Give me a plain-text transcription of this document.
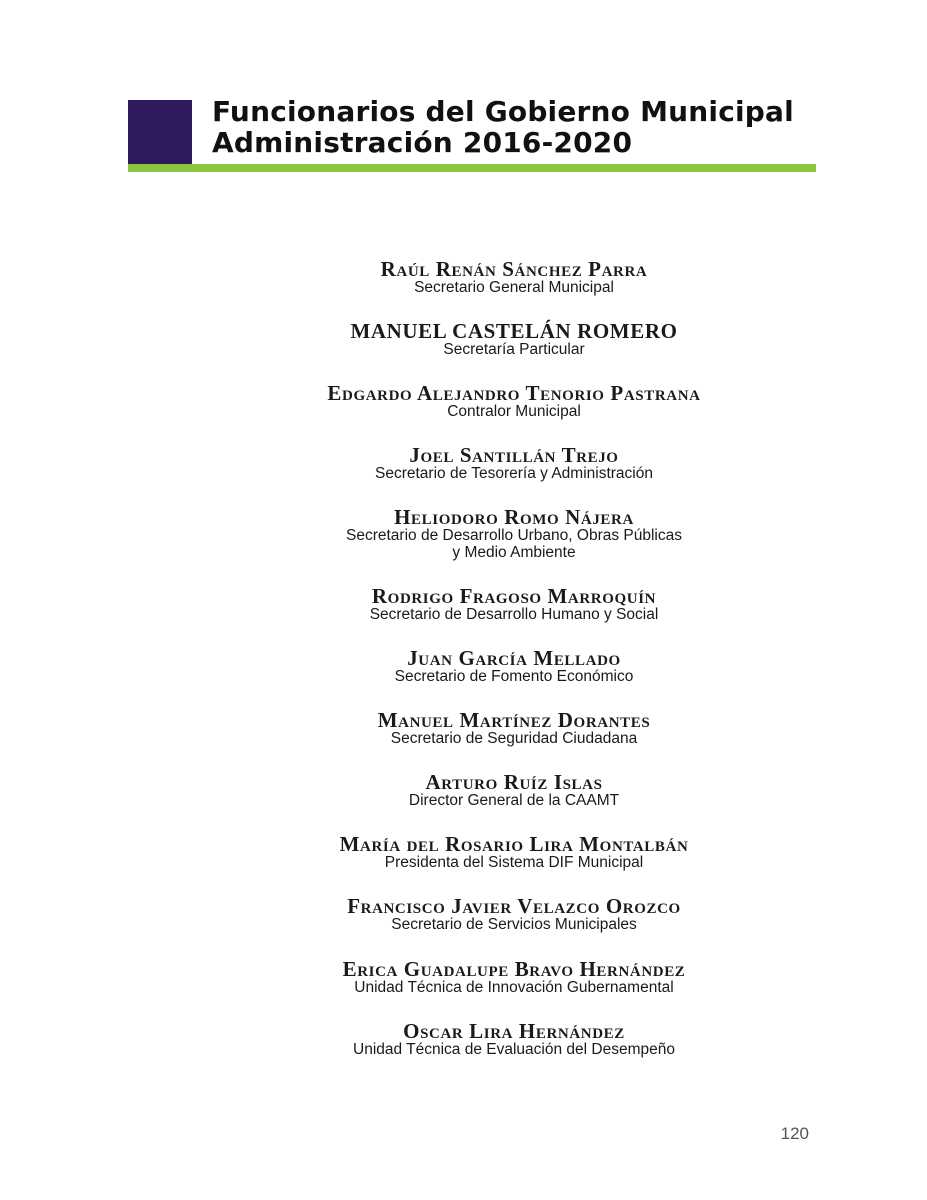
Funcionarios del Gobierno Municipal
Administración 2016-2020
Raúl Renán Sánchez Parra
Secretario General Municipal
MANUEL CASTELÁN ROMERO
Secretaría Particular
Edgardo Alejandro Tenorio Pastrana
Contralor Municipal
Joel Santillán Trejo
Secretario de Tesorería y Administración
Heliodoro Romo Nájera
Secretario de Desarrollo Urbano, Obras Públicas
y Medio Ambiente
Rodrigo Fragoso Marroquín
Secretario de Desarrollo Humano y Social
Juan García Mellado
Secretario de Fomento Económico
Manuel Martínez Dorantes
Secretario de Seguridad Ciudadana
Arturo Ruíz Islas
Director General de la CAAMT
María del Rosario Lira Montalbán
Presidenta del Sistema DIF Municipal
Francisco Javier Velazco Orozco
Secretario de Servicios Municipales
Erica Guadalupe Bravo Hernández
Unidad Técnica de Innovación Gubernamental
Oscar Lira Hernández
Unidad Técnica de Evaluación del Desempeño

120
